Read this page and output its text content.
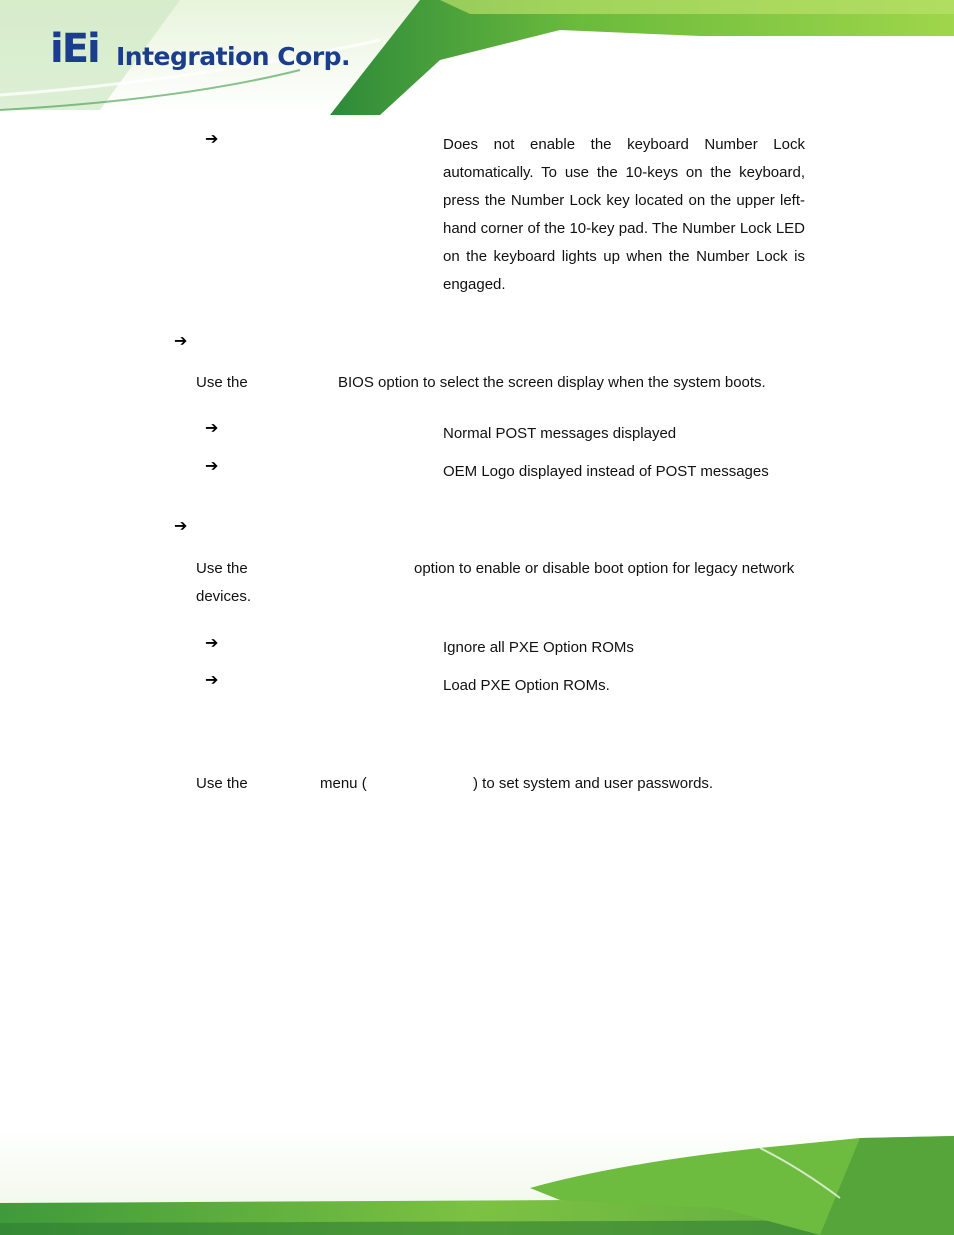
iEi Integration Corp.
➔	Does not enable the keyboard Number Lock automatically. To use the 10-keys on the keyboard, press the Number Lock key located on the upper left-hand corner of the 10-key pad. The Number Lock LED on the keyboard lights up when the Number Lock is engaged.
➔
Use the	BIOS option to select the screen display when the system boots.
➔	Normal POST messages displayed
➔	OEM Logo displayed instead of POST messages
➔
Use the	option to enable or disable boot option for legacy network
devices.
➔	Ignore all PXE Option ROMs
➔	Load PXE Option ROMs.
Use the	menu (	) to set system and user passwords.
